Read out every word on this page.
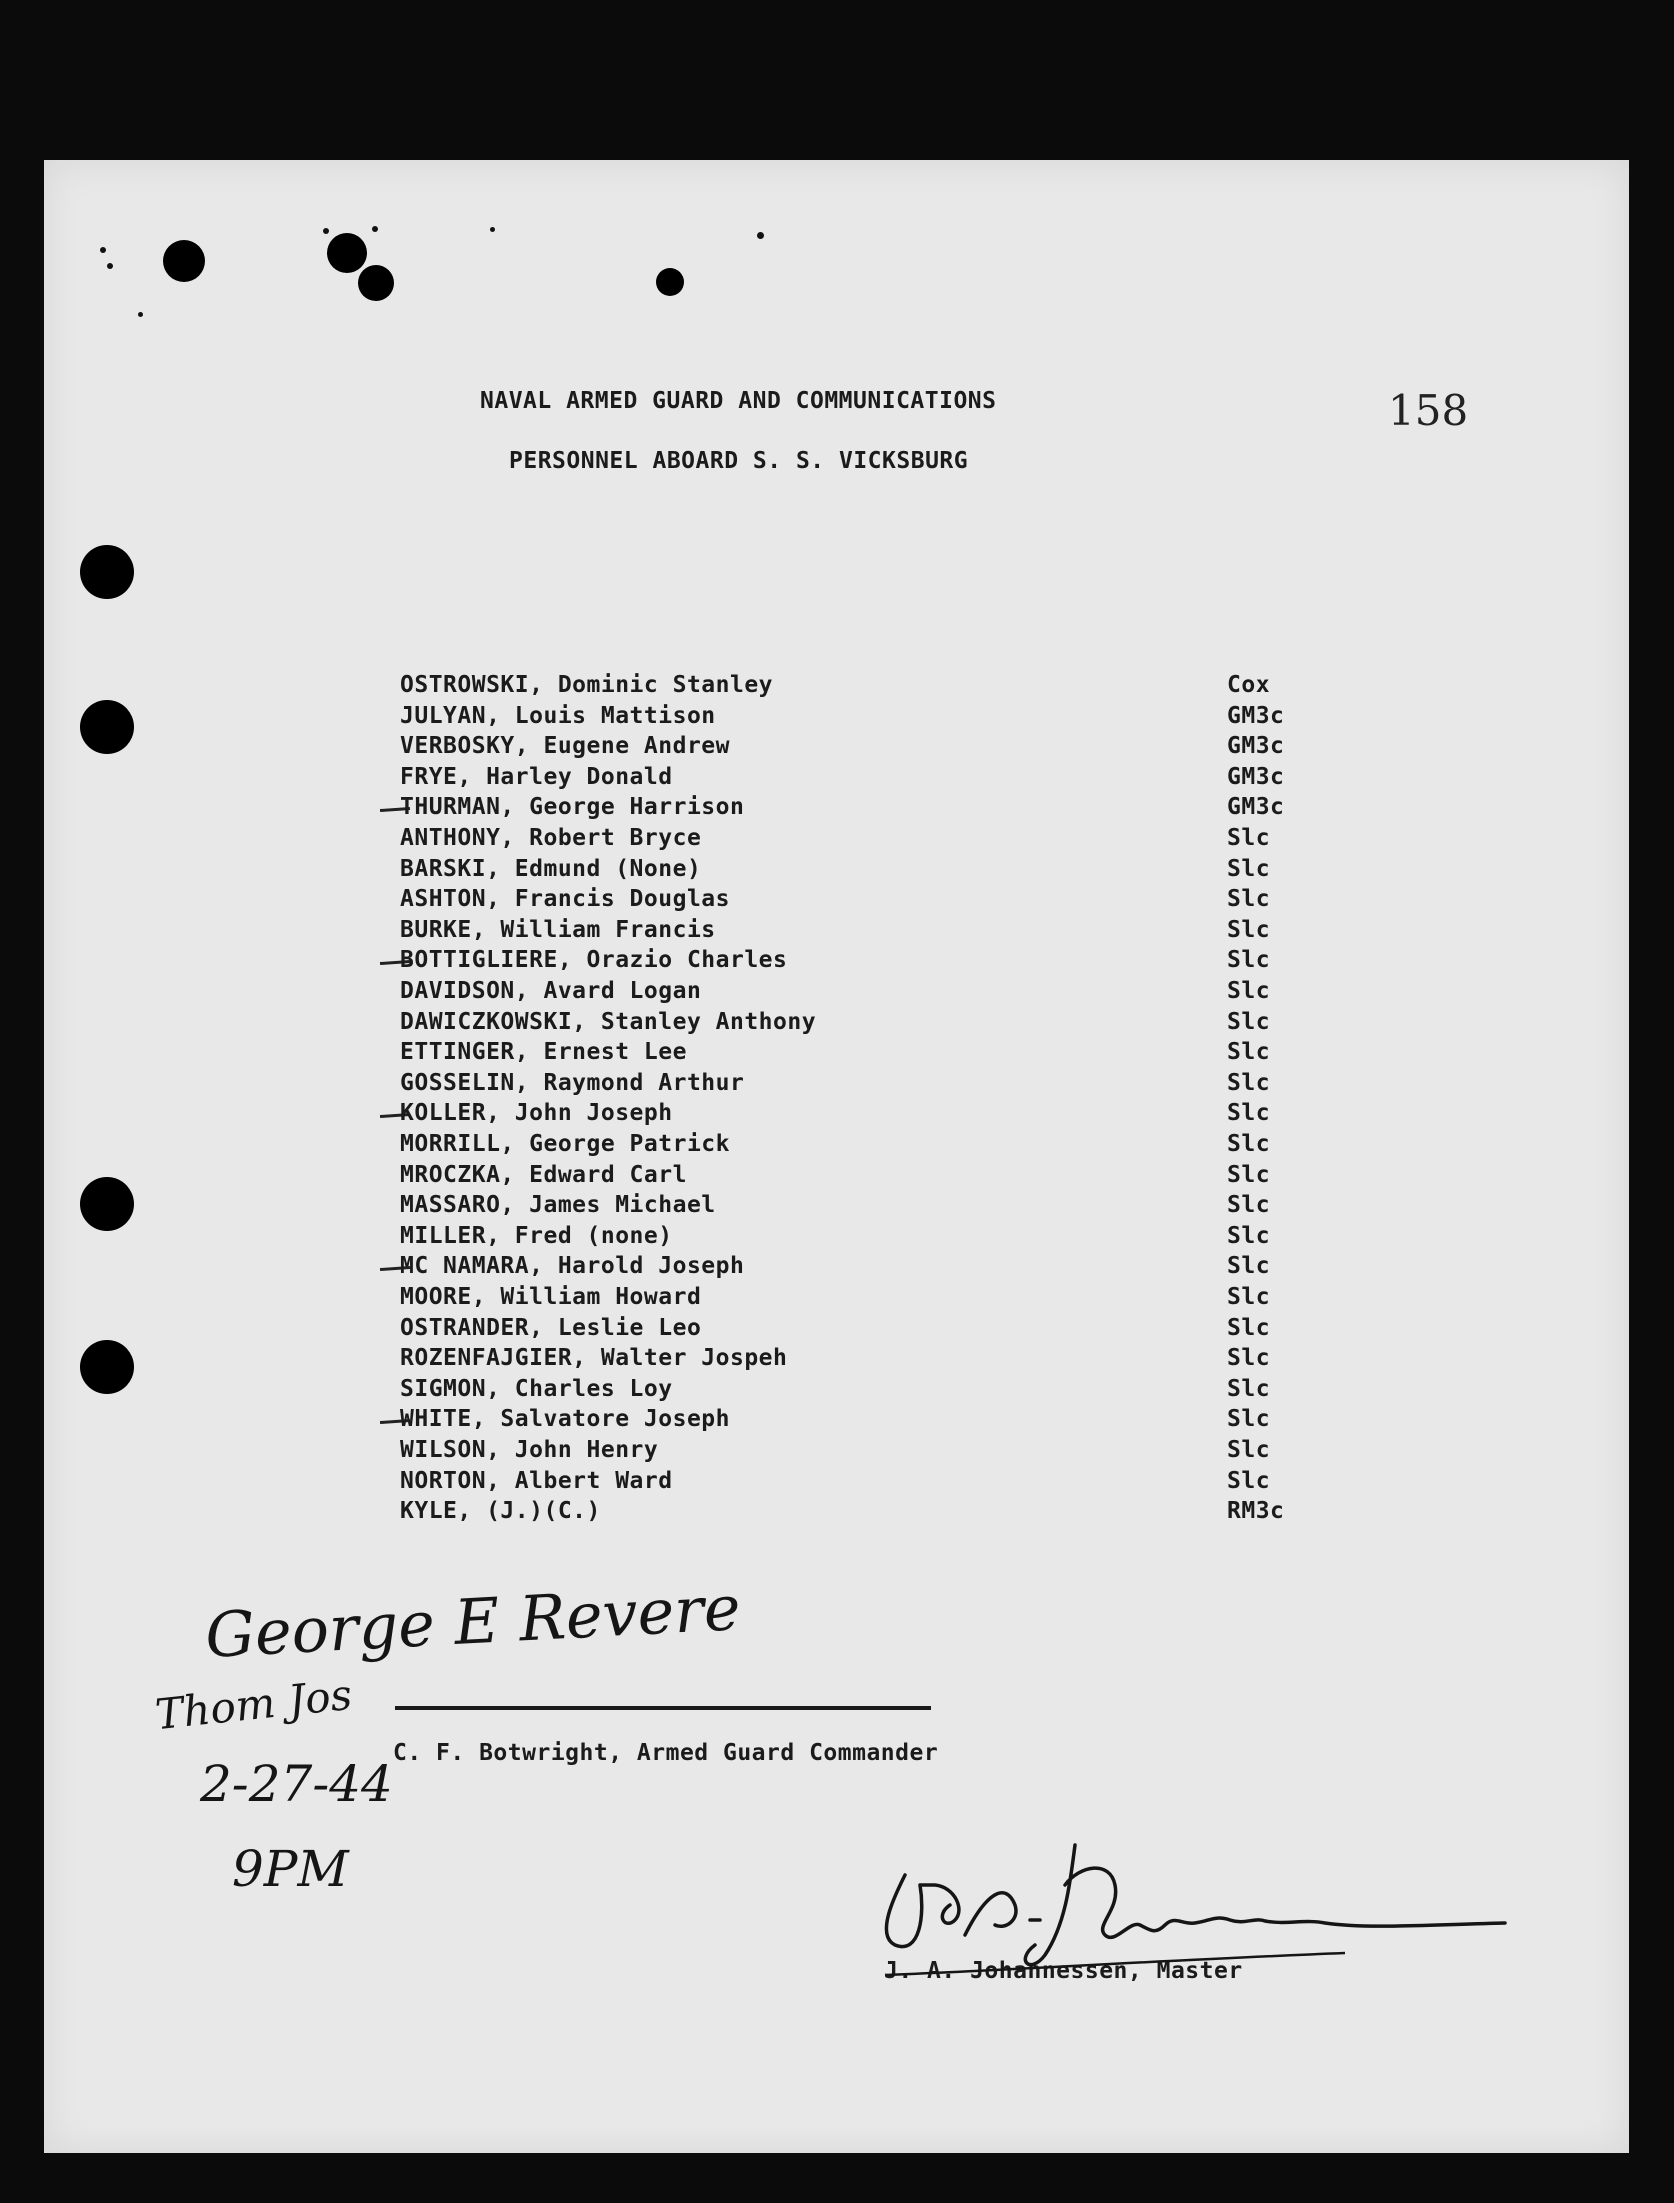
158
NAVAL ARMED GUARD AND COMMUNICATIONS
PERSONNEL ABOARD S. S. VICKSBURG
OSTROWSKI, Dominic Stanley	Cox
JULYAN, Louis Mattison	GM3c
VERBOSKY, Eugene Andrew	GM3c
FRYE, Harley Donald	GM3c
THURMAN, George Harrison	GM3c
ANTHONY, Robert Bryce	Slc
BARSKI, Edmund (None)	Slc
ASHTON, Francis Douglas	Slc
BURKE, William Francis	Slc
BOTTIGLIERE, Orazio Charles	Slc
DAVIDSON, Avard Logan	Slc
DAWICZKOWSKI, Stanley Anthony	Slc
ETTINGER, Ernest Lee	Slc
GOSSELIN, Raymond Arthur	Slc
KOLLER, John Joseph	Slc
MORRILL, George Patrick	Slc
MROCZKA, Edward Carl	Slc
MASSARO, James Michael	Slc
MILLER, Fred (none)	Slc
MC NAMARA, Harold Joseph	Slc
MOORE, William Howard	Slc
OSTRANDER, Leslie Leo	Slc
ROZENFAJGIER, Walter Jospeh	Slc
SIGMON, Charles Loy	Slc
WHITE, Salvatore Joseph	Slc
WILSON, John Henry	Slc
NORTON, Albert Ward	Slc
KYLE, (J.)(C.)	RM3c
C. F. Botwright, Armed Guard Commander
J. A. Johannessen, Master
George E Revere
Thom Jos
2-27-44
9PM
